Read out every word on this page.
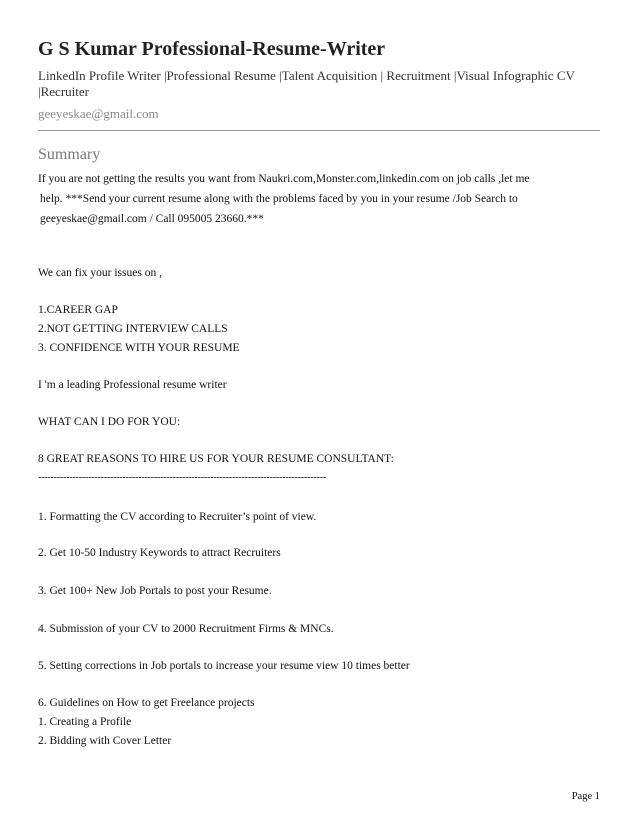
G S Kumar Professional-Resume-Writer
LinkedIn Profile Writer |Professional Resume |Talent Acquisition | Recruitment |Visual Infographic CV |Recruiter
geeyeskae@gmail.com
Summary
If you are not getting the results you want from Naukri.com,Monster.com,linkedin.com on job calls ,let me
help. ***Send your current resume along with the problems faced by you in your resume /Job Search to
geeyeskae@gmail.com / Call 095005 23660.***
We can fix your issues on ,
1.CAREER GAP
2.NOT GETTING INTERVIEW CALLS
3. CONFIDENCE WITH YOUR RESUME
I 'm a leading Professional resume writer
WHAT CAN I DO FOR YOU:
8 GREAT REASONS TO HIRE US FOR YOUR RESUME CONSULTANT:
--------------------------------------------------------------------------------------------
1. Formatting the CV according to Recruiter’s point of view.
2. Get 10-50 Industry Keywords to attract Recruiters
3. Get 100+ New Job Portals to post your Resume.
4. Submission of your CV to 2000 Recruitment Firms & MNCs.
5. Setting corrections in Job portals to increase your resume view 10 times better
6. Guidelines on How to get Freelance projects
1. Creating a Profile
2. Bidding with Cover Letter
Page 1
